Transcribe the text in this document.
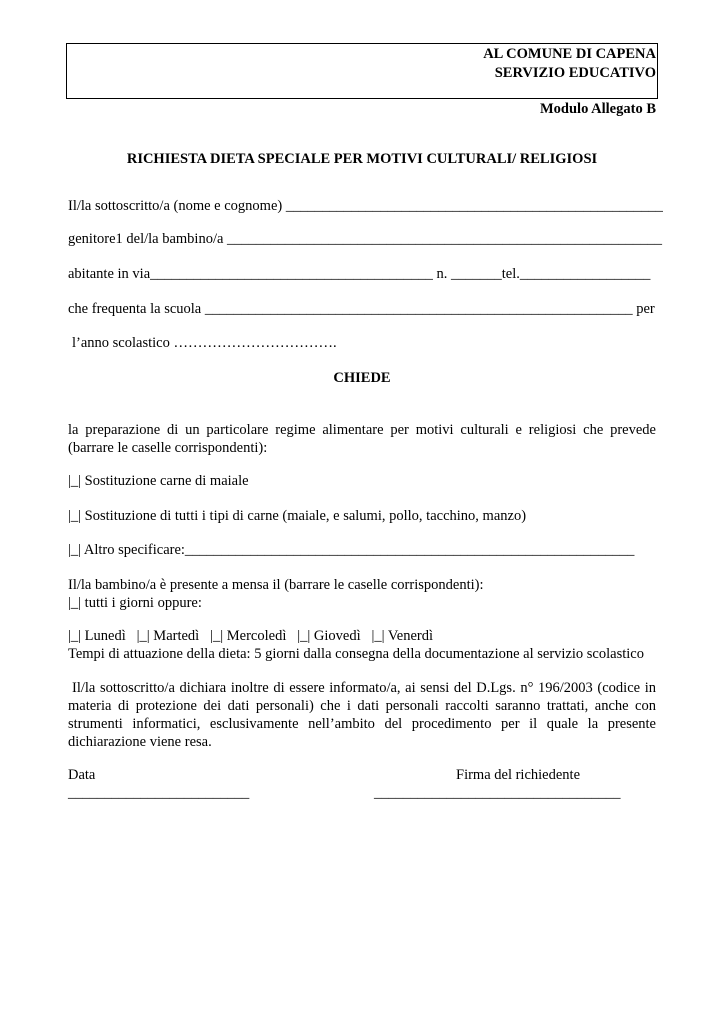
AL COMUNE DI CAPENA
SERVIZIO EDUCATIVO
Modulo Allegato B
RICHIESTA DIETA SPECIALE PER MOTIVI CULTURALI/ RELIGIOSI
Il/la sottoscritto/a (nome e cognome) ____________________________________________________
genitore1 del/la bambino/a ____________________________________________________________
abitante in via_______________________________________ n. _______tel.__________________
che frequenta la scuola ___________________________________________________________ per
l’anno scolastico …………………………….
CHIEDE
la preparazione di un particolare regime alimentare per motivi culturali e religiosi che prevede
(barrare le caselle corrispondenti):
|_| Sostituzione carne di maiale
|_| Sostituzione di tutti i tipi di carne (maiale, e salumi, pollo, tacchino, manzo)
|_| Altro specificare:______________________________________________________________
Il/la bambino/a è presente a mensa il (barrare le caselle corrispondenti):
|_| tutti i giorni oppure:
|_| Lunedì   |_| Martedì   |_| Mercoledì   |_| Giovedì   |_| Venerdì
Tempi di attuazione della dieta: 5 giorni dalla consegna della documentazione al servizio scolastico
Il/la sottoscritto/a dichiara inoltre di essere informato/a, ai sensi del D.Lgs. n° 196/2003 (codice in
materia di protezione dei dati personali) che i dati personali raccolti saranno trattati, anche con
strumenti informatici, esclusivamente nell’ambito del procedimento per il quale la presente
dichiarazione viene resa.
Data	Firma del richiedente
_________________________	__________________________________
